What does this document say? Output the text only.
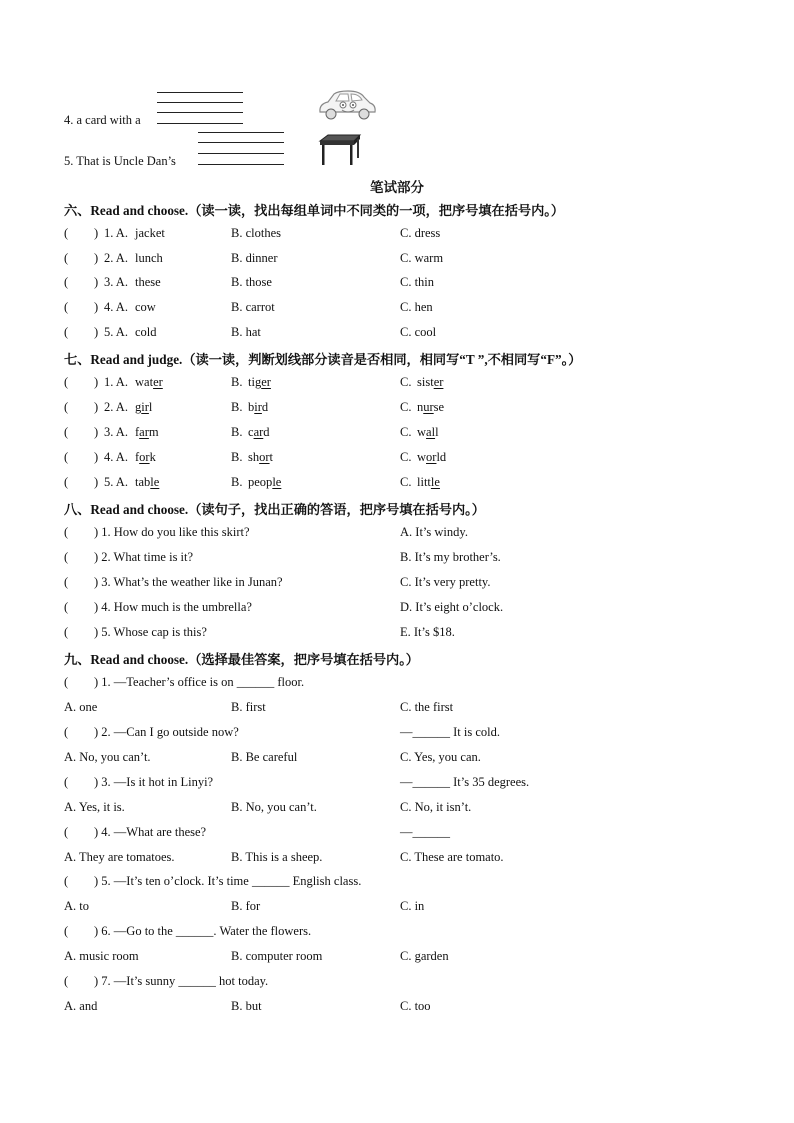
4. a card with a
5. That is Uncle Dan’s
笔试部分
六、Read and choose.（读一读，找出每组单词中不同类的一项，把序号填在括号内。）
( ) 1. A. jacket	B. clothes	C. dress
( ) 2. A. lunch	B. dinner	C. warm
( ) 3. A. these	B. those	C. thin
( ) 4. A. cow	B. carrot	C. hen
( ) 5. A. cold	B. hat	C. cool
七、Read and judge.（读一读，判断划线部分读音是否相同，相同写“T ”,不相同写“F”。）
( ) 1. A. water	B. tiger	C. sister
( ) 2. A. girl	B. bird	C. nurse
( ) 3. A. farm	B. card	C. wall
( ) 4. A. fork	B. short	C. world
( ) 5. A. table	B. people	C. little
八、Read and choose.（读句子，找出正确的答语，把序号填在括号内。）
( ) 1. How do you like this skirt?	A. It’s windy.
( ) 2. What time is it?	B. It’s my brother’s.
( ) 3. What’s the weather like in Junan?	C. It’s very pretty.
( ) 4. How much is the umbrella?	D. It’s eight o’clock.
( ) 5. Whose cap is this?	E. It’s $18.
九、Read and choose.（选择最佳答案，把序号填在括号内。）
( ) 1. —Teacher’s office is on ______ floor.
A. one	B. first	C. the first
( ) 2. —Can I go outside now?	—______ It is cold.
A. No, you can’t.	B. Be careful	C. Yes, you can.
( ) 3. —Is it hot in Linyi?	—______ It’s 35 degrees.
A. Yes, it is.	B. No, you can’t.	C. No, it isn’t.
( ) 4. —What are these?	—______
A. They are tomatoes.	B. This is a sheep.	C. These are tomato.
( ) 5. —It’s ten o’clock. It’s time ______ English class.
A. to	B. for	C. in
( ) 6. —Go to the ______. Water the flowers.
A. music room	B. computer room	C. garden
( ) 7. —It’s sunny ______ hot today.
A. and	B. but	C. too
